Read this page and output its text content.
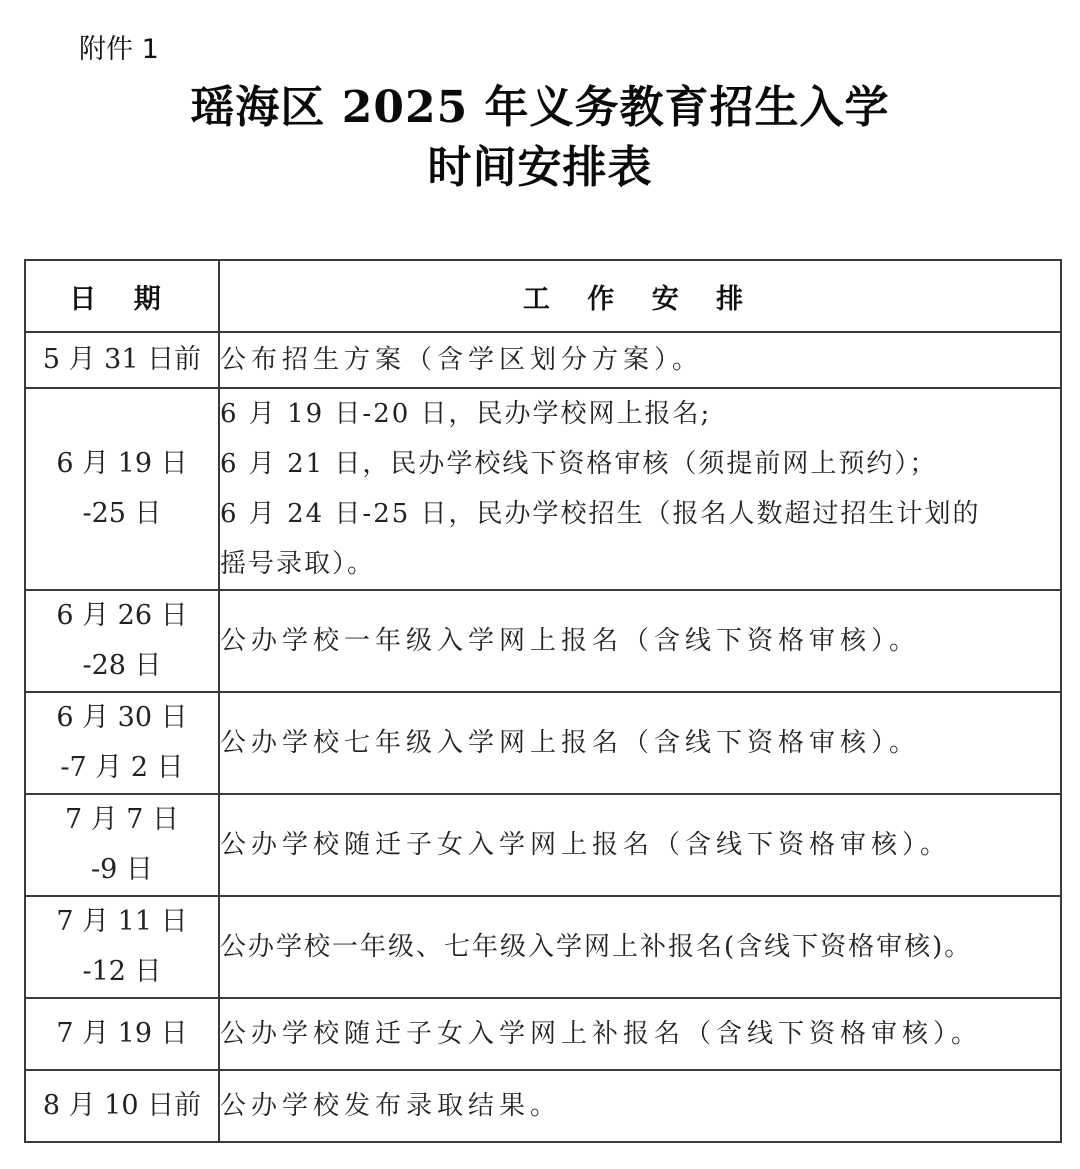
附件 1
瑶海区 2025 年义务教育招生入学
时间安排表
日 期	工 作 安 排

5 月 31 日前	公布招生方案（含学区划分方案）。

6 月 19 日
-25 日	6 月 19 日-20 日，民办学校网上报名;
6 月 21 日，民办学校线下资格审核（须提前网上预约）；
6 月 24 日-25 日，民办学校招生（报名人数超过招生计划的
摇号录取）。

6 月 26 日
-28 日	公办学校一年级入学网上报名（含线下资格审核）。

6 月 30 日
-7 月 2 日	公办学校七年级入学网上报名（含线下资格审核）。

7 月 7 日
-9 日	公办学校随迁子女入学网上报名（含线下资格审核）。

7 月 11 日
-12 日	公办学校一年级、七年级入学网上补报名(含线下资格审核)。

7 月 19 日	公办学校随迁子女入学网上补报名（含线下资格审核）。

8 月 10 日前	公办学校发布录取结果。
